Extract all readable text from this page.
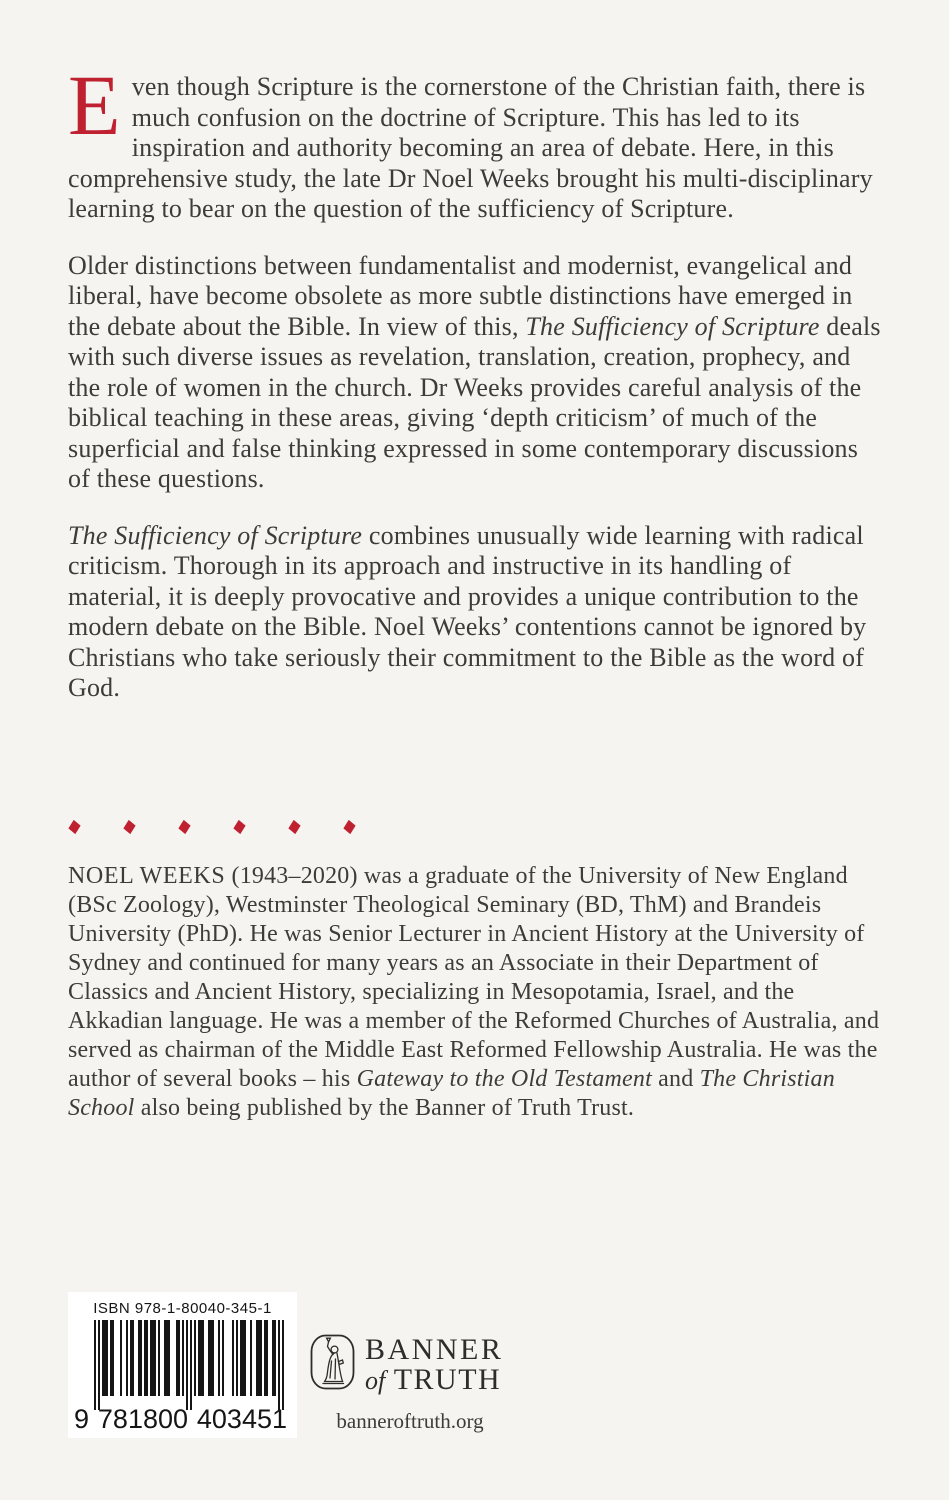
Even though Scripture is the cornerstone of the Christian faith, there is much confusion on the doctrine of Scripture. This has led to its inspiration and authority becoming an area of debate. Here, in this comprehensive study, the late Dr Noel Weeks brought his multi-disciplinary learning to bear on the question of the sufficiency of Scripture.

Older distinctions between fundamentalist and modernist, evangelical and liberal, have become obsolete as more subtle distinctions have emerged in the debate about the Bible. In view of this, The Sufficiency of Scripture deals with such diverse issues as revelation, translation, creation, prophecy, and the role of women in the church. Dr Weeks provides careful analysis of the biblical teaching in these areas, giving ‘depth criticism’ of much of the superficial and false thinking expressed in some contemporary discussions of these questions.

The Sufficiency of Scripture combines unusually wide learning with radical criticism. Thorough in its approach and instructive in its handling of material, it is deeply provocative and provides a unique contribution to the modern debate on the Bible. Noel Weeks’ contentions cannot be ignored by Christians who take seriously their commitment to the Bible as the word of God.

NOEL WEEKS (1943–2020) was a graduate of the University of New England (BSc Zoology), Westminster Theological Seminary (BD, ThM) and Brandeis University (PhD). He was Senior Lecturer in Ancient History at the University of Sydney and continued for many years as an Associate in their Department of Classics and Ancient History, specializing in Mesopotamia, Israel, and the Akkadian language. He was a member of the Reformed Churches of Australia, and served as chairman of the Middle East Reformed Fellowship Australia. He was the author of several books – his Gateway to the Old Testament and The Christian School also being published by the Banner of Truth Trust.
ISBN 978-1-80040-345-1
9 781800 403451
BANNER
of TRUTH
banneroftruth.org
